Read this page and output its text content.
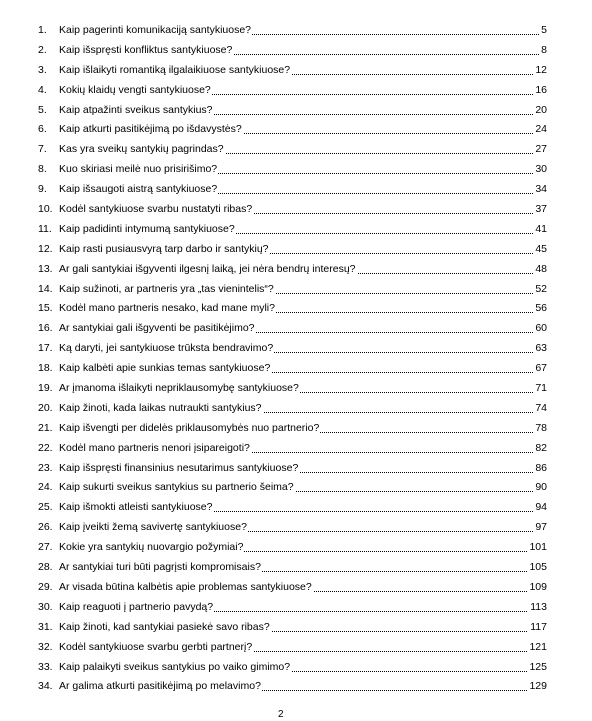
1. Kaip pagerinti komunikaciją santykiuose?	5
2. Kaip išspręsti konfliktus santykiuose?	8
3. Kaip išlaikyti romantiką ilgalaikiuose santykiuose?	12
4. Kokių klaidų vengti santykiuose?	16
5. Kaip atpažinti sveikus santykius?	20
6. Kaip atkurti pasitikėjimą po išdavystės?	24
7. Kas yra sveikų santykių pagrindas?	27
8. Kuo skiriasi meilė nuo prisirišimo?	30
9. Kaip išsaugoti aistrą santykiuose?	34
10. Kodėl santykiuose svarbu nustatyti ribas?	37
11. Kaip padidinti intymumą santykiuose?	41
12. Kaip rasti pusiausvyrą tarp darbo ir santykių?	45
13. Ar gali santykiai išgyventi ilgesnį laiką, jei nėra bendrų interesų?	48
14. Kaip sužinoti, ar partneris yra „tas vienintelis“?	52
15. Kodėl mano partneris nesako, kad mane myli?	56
16. Ar santykiai gali išgyventi be pasitikėjimo?	60
17. Ką daryti, jei santykiuose trūksta bendravimo?	63
18. Kaip kalbėti apie sunkias temas santykiuose?	67
19. Ar įmanoma išlaikyti nepriklausomybę santykiuose?	71
20. Kaip žinoti, kada laikas nutraukti santykius?	74
21. Kaip išvengti per didelės priklausomybės nuo partnerio?	78
22. Kodėl mano partneris nenori įsipareigoti?	82
23. Kaip išspręsti finansinius nesutarimus santykiuose?	86
24. Kaip sukurti sveikus santykius su partnerio šeima?	90
25. Kaip išmokti atleisti santykiuose?	94
26. Kaip įveikti žemą savivertę santykiuose?	97
27. Kokie yra santykių nuovargio požymiai?	101
28. Ar santykiai turi būti pagrįsti kompromisais?	105
29. Ar visada būtina kalbėtis apie problemas santykiuose?	109
30. Kaip reaguoti į partnerio pavydą?	113
31. Kaip žinoti, kad santykiai pasiekė savo ribas?	117
32. Kodėl santykiuose svarbu gerbti partnerį?	121
33. Kaip palaikyti sveikus santykius po vaiko gimimo?	125
34. Ar galima atkurti pasitikėjimą po melavimo?	129
2
